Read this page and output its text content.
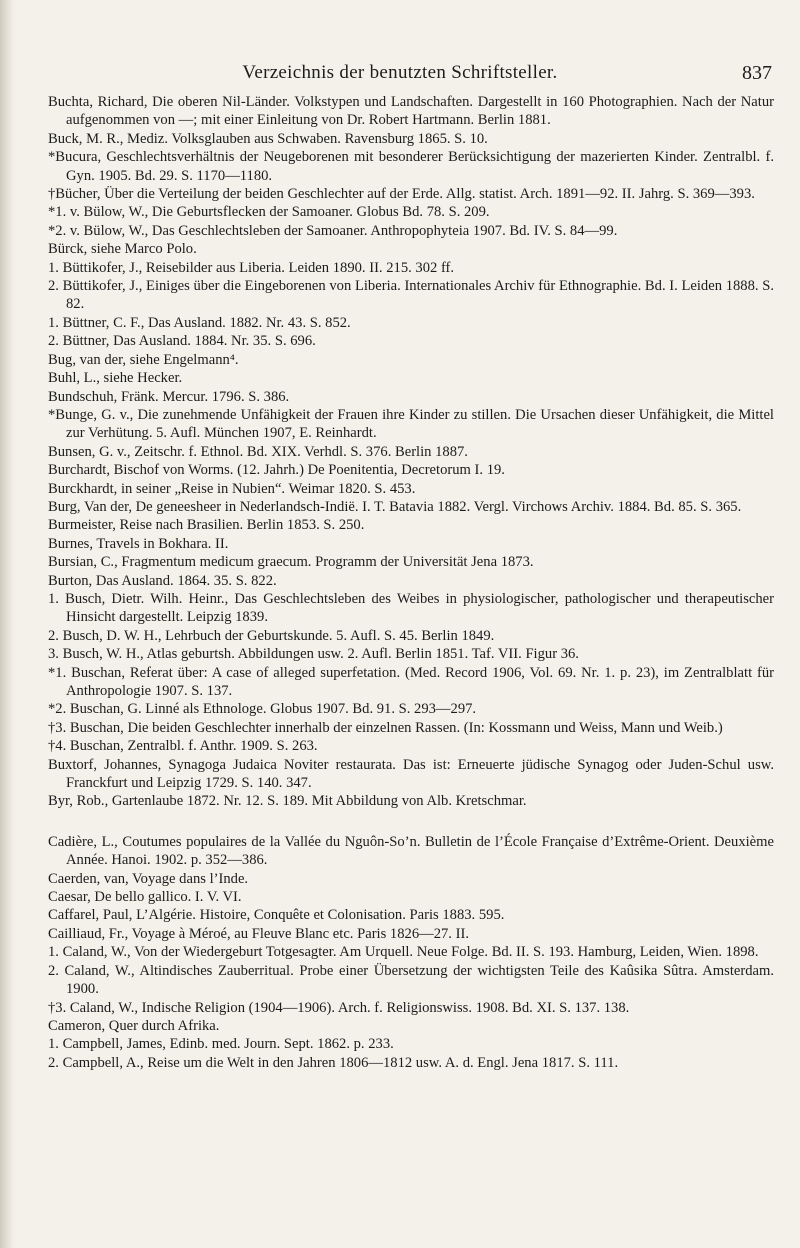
Verzeichnis der benutzten Schriftsteller.	837

Buchta, Richard, Die oberen Nil-Länder. Volkstypen und Landschaften. Dargestellt in 160 Photographien. Nach der Natur aufgenommen von —; mit einer Einleitung von Dr. Robert Hartmann. Berlin 1881.

Buck, M. R., Mediz. Volksglauben aus Schwaben. Ravensburg 1865. S. 10.

*Bucura, Geschlechtsverhältnis der Neugeborenen mit besonderer Berücksichtigung der mazerierten Kinder. Zentralbl. f. Gyn. 1905. Bd. 29. S. 1170—1180.

†Bücher, Über die Verteilung der beiden Geschlechter auf der Erde. Allg. statist. Arch. 1891—92. II. Jahrg. S. 369—393.

*1. v. Bülow, W., Die Geburtsflecken der Samoaner. Globus Bd. 78. S. 209.

*2. v. Bülow, W., Das Geschlechtsleben der Samoaner. Anthropophyteia 1907. Bd. IV. S. 84—99.

Bürck, siehe Marco Polo.

1. Büttikofer, J., Reisebilder aus Liberia. Leiden 1890. II. 215. 302 ff.

2. Büttikofer, J., Einiges über die Eingeborenen von Liberia. Internationales Archiv für Ethnographie. Bd. I. Leiden 1888. S. 82.

1. Büttner, C. F., Das Ausland. 1882. Nr. 43. S. 852.

2. Büttner, Das Ausland. 1884. Nr. 35. S. 696.

Bug, van der, siehe Engelmann⁴.

Buhl, L., siehe Hecker.

Bundschuh, Fränk. Mercur. 1796. S. 386.

*Bunge, G. v., Die zunehmende Unfähigkeit der Frauen ihre Kinder zu stillen. Die Ursachen dieser Unfähigkeit, die Mittel zur Verhütung. 5. Aufl. München 1907, E. Reinhardt.

Bunsen, G. v., Zeitschr. f. Ethnol. Bd. XIX. Verhdl. S. 376. Berlin 1887.

Burchardt, Bischof von Worms. (12. Jahrh.) De Poenitentia, Decretorum I. 19.

Burckhardt, in seiner „Reise in Nubien“. Weimar 1820. S. 453.

Burg, Van der, De geneesheer in Nederlandsch-Indië. I. T. Batavia 1882. Vergl. Virchows Archiv. 1884. Bd. 85. S. 365.

Burmeister, Reise nach Brasilien. Berlin 1853. S. 250.

Burnes, Travels in Bokhara. II.

Bursian, C., Fragmentum medicum graecum. Programm der Universität Jena 1873.

Burton, Das Ausland. 1864. 35. S. 822.

1. Busch, Dietr. Wilh. Heinr., Das Geschlechtsleben des Weibes in physiologischer, pathologischer und therapeutischer Hinsicht dargestellt. Leipzig 1839.

2. Busch, D. W. H., Lehrbuch der Geburtskunde. 5. Aufl. S. 45. Berlin 1849.

3. Busch, W. H., Atlas geburtsh. Abbildungen usw. 2. Aufl. Berlin 1851. Taf. VII. Figur 36.

*1. Buschan, Referat über: A case of alleged superfetation. (Med. Record 1906, Vol. 69. Nr. 1. p. 23), im Zentralblatt für Anthropologie 1907. S. 137.

*2. Buschan, G. Linné als Ethnologe. Globus 1907. Bd. 91. S. 293—297.

†3. Buschan, Die beiden Geschlechter innerhalb der einzelnen Rassen. (In: Kossmann und Weiss, Mann und Weib.)

†4. Buschan, Zentralbl. f. Anthr. 1909. S. 263.

Buxtorf, Johannes, Synagoga Judaica Noviter restaurata. Das ist: Erneuerte jüdische Synagog oder Juden-Schul usw. Franckfurt und Leipzig 1729. S. 140. 347.

Byr, Rob., Gartenlaube 1872. Nr. 12. S. 189. Mit Abbildung von Alb. Kretschmar.

Cadière, L., Coutumes populaires de la Vallée du Nguôn-So’n. Bulletin de l’École Française d’Extrême-Orient. Deuxième Année. Hanoi. 1902. p. 352—386.

Caerden, van, Voyage dans l’Inde.

Caesar, De bello gallico. I. V. VI.

Caffarel, Paul, L’Algérie. Histoire, Conquête et Colonisation. Paris 1883. 595.

Cailliaud, Fr., Voyage à Méroé, au Fleuve Blanc etc. Paris 1826—27. II.

1. Caland, W., Von der Wiedergeburt Totgesagter. Am Urquell. Neue Folge. Bd. II. S. 193. Hamburg, Leiden, Wien. 1898.

2. Caland, W., Altindisches Zauberritual. Probe einer Übersetzung der wichtigsten Teile des Kaûsika Sûtra. Amsterdam. 1900.

†3. Caland, W., Indische Religion (1904—1906). Arch. f. Religionswiss. 1908. Bd. XI. S. 137. 138.

Cameron, Quer durch Afrika.

1. Campbell, James, Edinb. med. Journ. Sept. 1862. p. 233.

2. Campbell, A., Reise um die Welt in den Jahren 1806—1812 usw. A. d. Engl. Jena 1817. S. 111.
